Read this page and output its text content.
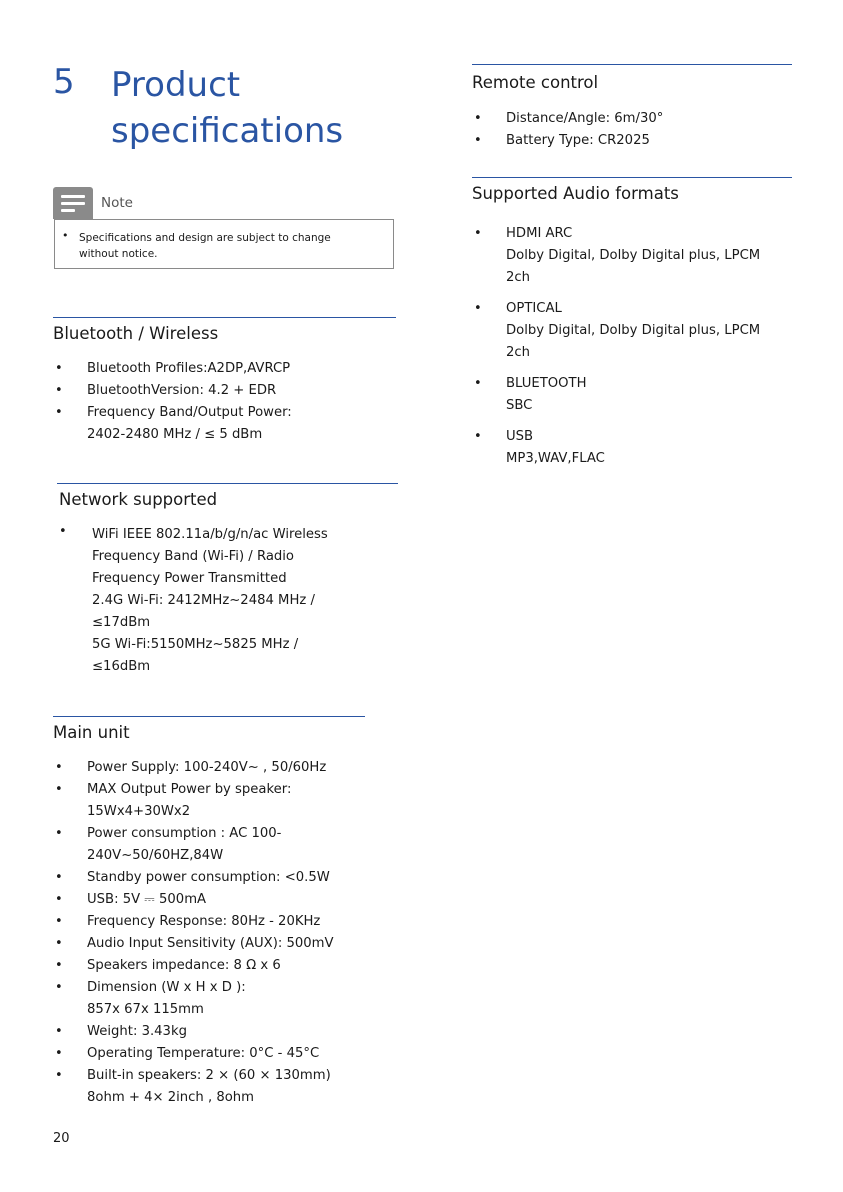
5 Product
specifications
Note
• Specifications and design are subject to change
without notice.
Bluetooth / Wireless
• Bluetooth Profiles:A2DP,AVRCP
• BluetoothVersion: 4.2 + EDR
• Frequency Band/Output Power:
2402-2480 MHz / ≤ 5 dBm
Network supported
• WiFi IEEE 802.11a/b/g/n/ac Wireless
Frequency Band (Wi-Fi) / Radio
Frequency Power Transmitted
2.4G Wi-Fi: 2412MHz~2484 MHz /
≤17dBm
5G Wi-Fi:5150MHz~5825 MHz /
≤16dBm
Main unit
• Power Supply: 100-240V~ , 50/60Hz
• MAX Output Power by speaker:
15Wx4+30Wx2
• Power consumption : AC 100-
240V~50/60HZ,84W
• Standby power consumption: <0.5W
• USB: 5V ⎓ 500mA
• Frequency Response: 80Hz - 20KHz
• Audio Input Sensitivity (AUX): 500mV
• Speakers impedance: 8 Ω x 6
• Dimension (W x H x D ):
857x 67x 115mm
• Weight: 3.43kg
• Operating Temperature: 0°C - 45°C
• Built-in speakers: 2 × (60 × 130mm)
8ohm + 4× 2inch , 8ohm
Remote control
• Distance/Angle: 6m/30°
• Battery Type: CR2025
Supported Audio formats
• HDMI ARC
Dolby Digital, Dolby Digital plus, LPCM
2ch
• OPTICAL
Dolby Digital, Dolby Digital plus, LPCM
2ch
• BLUETOOTH
SBC
• USB
MP3,WAV,FLAC
20
